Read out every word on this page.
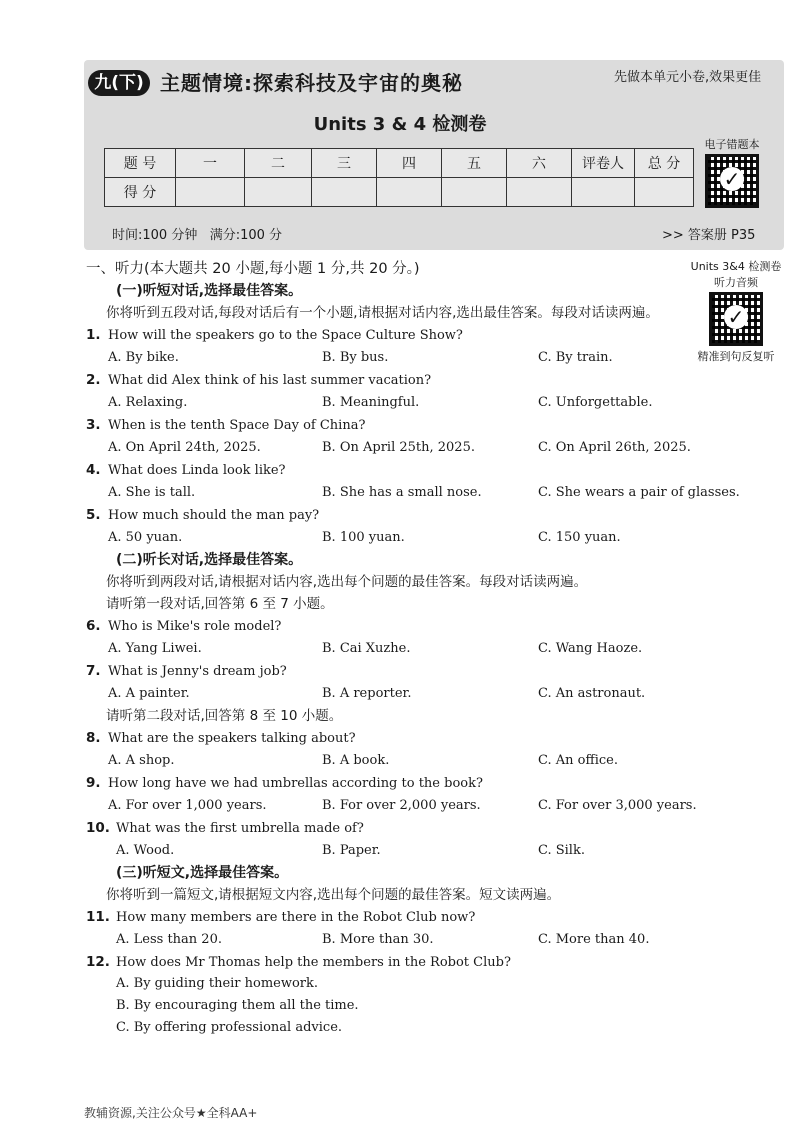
九(下) 主题情境:探索科技及宇宙的奥秘	先做本单元小卷,效果更佳
Units 3 & 4 检测卷
电子错题本
✓
题 号	一	二	三	四	五	六	评卷人	总 分
得 分								
时间:100 分钟 满分:100 分	>> 答案册 P35
Units 3&4 检测卷
听力音频
✓
精准到句反复听
一、听力(本大题共 20 小题,每小题 1 分,共 20 分。)
(一)听短对话,选择最佳答案。
你将听到五段对话,每段对话后有一个小题,请根据对话内容,选出最佳答案。每段对话读两遍。
1. How will the speakers go to the Space Culture Show?
A. By bike.	B. By bus.	C. By train.
2. What did Alex think of his last summer vacation?
A. Relaxing.	B. Meaningful.	C. Unforgettable.
3. When is the tenth Space Day of China?
A. On April 24th, 2025.	B. On April 25th, 2025.	C. On April 26th, 2025.
4. What does Linda look like?
A. She is tall.	B. She has a small nose.	C. She wears a pair of glasses.
5. How much should the man pay?
A. 50 yuan.	B. 100 yuan.	C. 150 yuan.
(二)听长对话,选择最佳答案。
你将听到两段对话,请根据对话内容,选出每个问题的最佳答案。每段对话读两遍。
请听第一段对话,回答第 6 至 7 小题。
6. Who is Mike's role model?
A. Yang Liwei.	B. Cai Xuzhe.	C. Wang Haoze.
7. What is Jenny's dream job?
A. A painter.	B. A reporter.	C. An astronaut.
请听第二段对话,回答第 8 至 10 小题。
8. What are the speakers talking about?
A. A shop.	B. A book.	C. An office.
9. How long have we had umbrellas according to the book?
A. For over 1,000 years.	B. For over 2,000 years.	C. For over 3,000 years.
10. What was the first umbrella made of?
A. Wood.	B. Paper.	C. Silk.
(三)听短文,选择最佳答案。
你将听到一篇短文,请根据短文内容,选出每个问题的最佳答案。短文读两遍。
11. How many members are there in the Robot Club now?
A. Less than 20.	B. More than 30.	C. More than 40.
12. How does Mr Thomas help the members in the Robot Club?
A. By guiding their homework.
B. By encouraging them all the time.
C. By offering professional advice.
教辅资源,关注公众号★全科AA+
